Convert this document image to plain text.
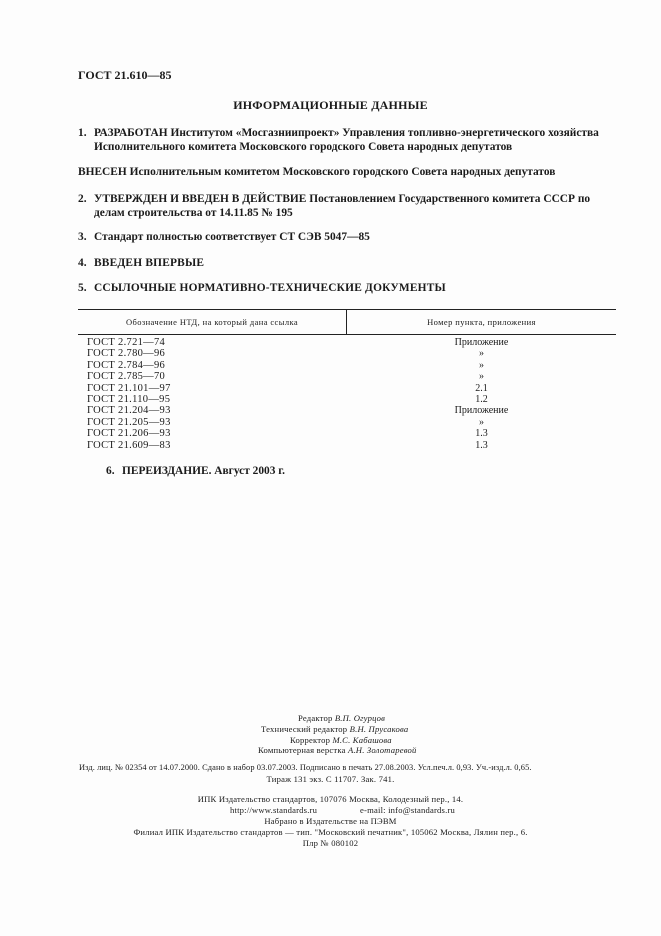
ГОСТ 21.610—85
ИНФОРМАЦИОННЫЕ ДАННЫЕ
1. РАЗРАБОТАН Институтом «Мосгазниипроект» Управления топливно-энергетического хозяйства
Исполнительного комитета Московского городского Совета народных депутатов
ВНЕСЕН Исполнительным комитетом Московского городского Совета народных депутатов
2. УТВЕРЖДЕН И ВВЕДЕН В ДЕЙСТВИЕ Постановлением Государственного комитета СССР по
делам строительства от 14.11.85 № 195
3. Стандарт полностью соответствует СТ СЭВ 5047—85
4. ВВЕДЕН ВПЕРВЫЕ
5. ССЫЛОЧНЫЕ НОРМАТИВНО-ТЕХНИЧЕСКИЕ ДОКУМЕНТЫ
Обозначение НТД, на который дана ссылка	Номер пункта, приложения
ГОСТ 2.721—74	Приложение
ГОСТ 2.780—96	»
ГОСТ 2.784—96	»
ГОСТ 2.785—70	»
ГОСТ 21.101—97	2.1
ГОСТ 21.110—95	1.2
ГОСТ 21.204—93	Приложение
ГОСТ 21.205—93	»
ГОСТ 21.206—93	1.3
ГОСТ 21.609—83	1.3
6. ПЕРЕИЗДАНИЕ. Август 2003 г.
Редактор В.П. Огурцов
Технический редактор В.Н. Прусакова
Корректор М.С. Кабашова
Компьютерная верстка А.Н. Золотаревой
Изд. лиц. № 02354 от 14.07.2000. Сдано в набор 03.07.2003. Подписано в печать 27.08.2003. Усл.печ.л. 0,93. Уч.-изд.л. 0,65.
Тираж 131 экз. С 11707. Зак. 741.
ИПК Издательство стандартов, 107076 Москва, Колодезный пер., 14.
http://www.standards.ru	e-mail: info@standards.ru
Набрано в Издательстве на ПЭВМ
Филиал ИПК Издательство стандартов — тип. "Московский печатник", 105062 Москва, Лялин пер., 6.
Плр № 080102
